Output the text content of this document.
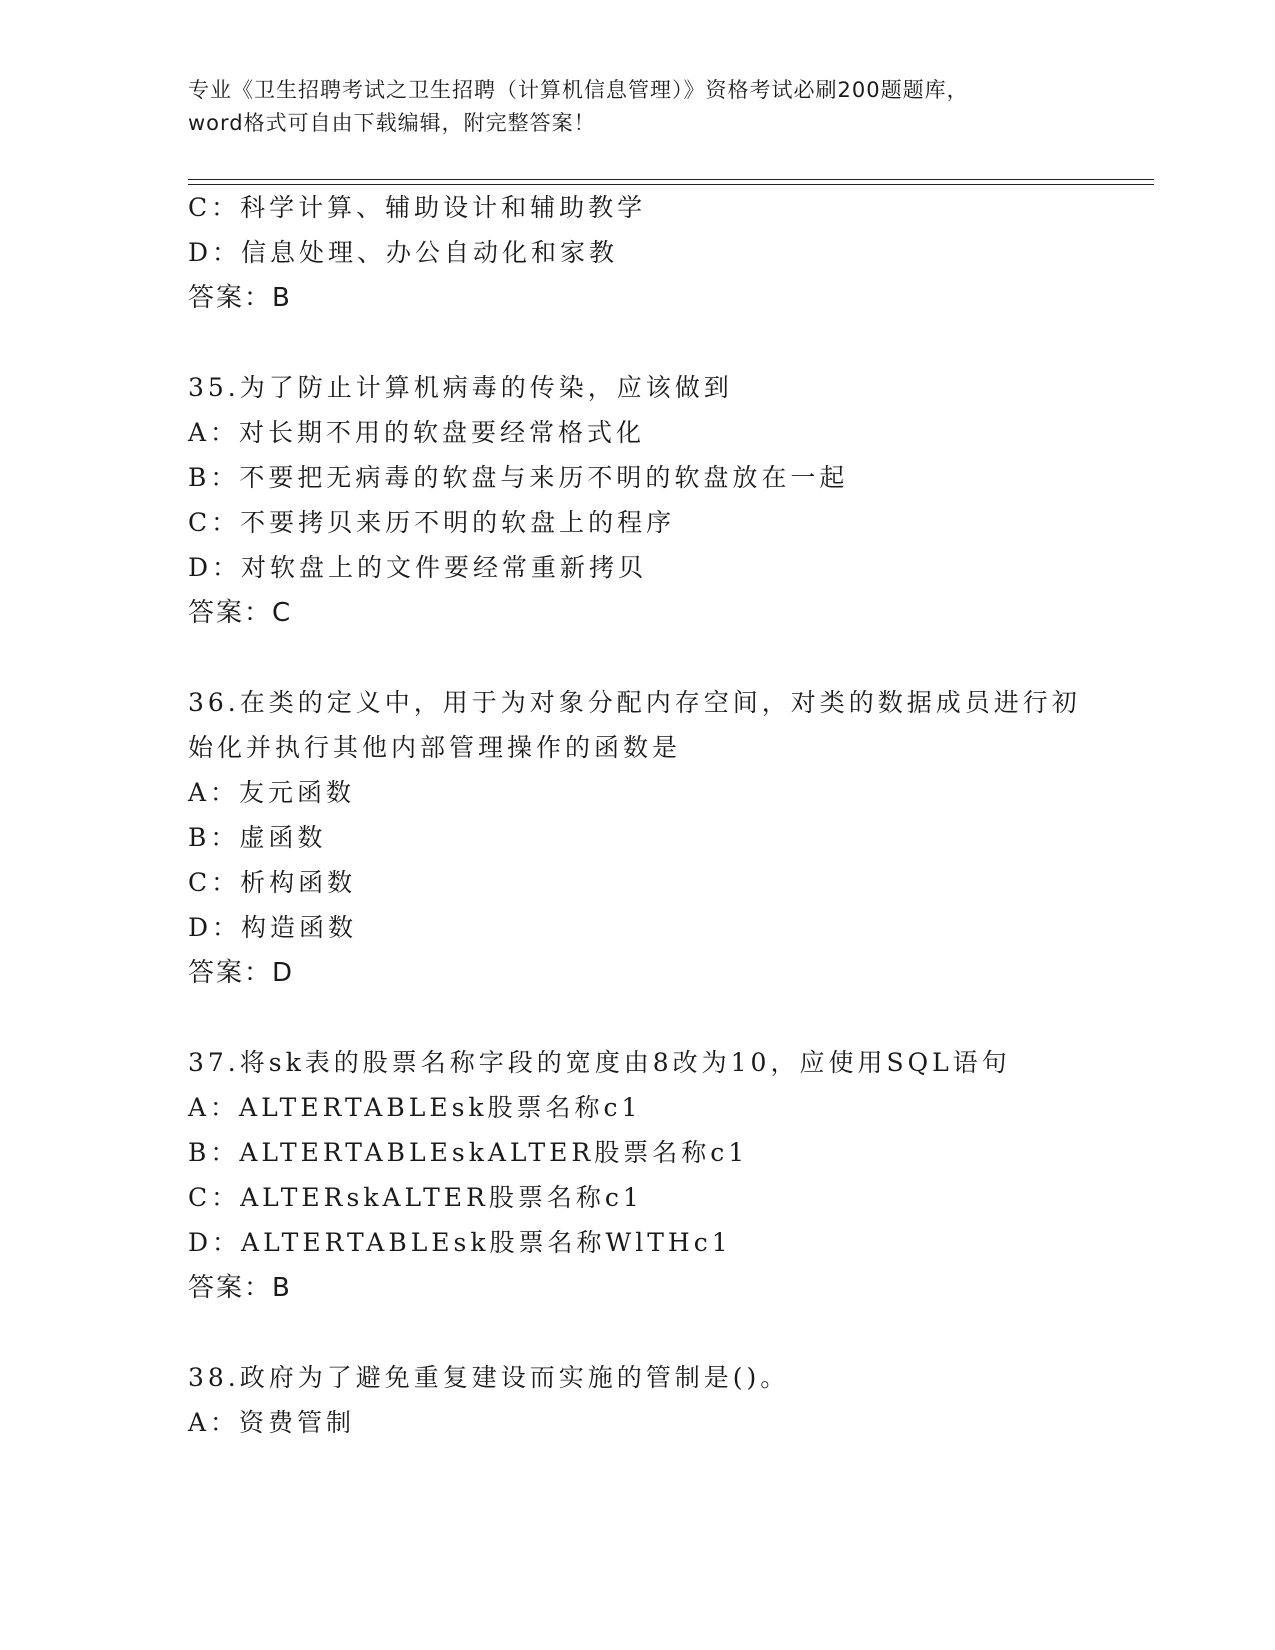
专业《卫生招聘考试之卫生招聘（计算机信息管理）》资格考试必刷200题题库，
word格式可自由下载编辑，附完整答案！
C：科学计算、辅助设计和辅助教学
D：信息处理、办公自动化和家教
答案：B
35.为了防止计算机病毒的传染，应该做到
A：对长期不用的软盘要经常格式化
B：不要把无病毒的软盘与来历不明的软盘放在一起
C：不要拷贝来历不明的软盘上的程序
D：对软盘上的文件要经常重新拷贝
答案：C
36.在类的定义中，用于为对象分配内存空间，对类的数据成员进行初
始化并执行其他内部管理操作的函数是
A：友元函数
B：虚函数
C：析构函数
D：构造函数
答案：D
37.将sk表的股票名称字段的宽度由8改为10，应使用SQL语句
A：ALTERTABLEsk股票名称c1
B：ALTERTABLEskALTER股票名称c1
C：ALTERskALTER股票名称c1
D：ALTERTABLEsk股票名称WlTHc1
答案：B
38.政府为了避免重复建设而实施的管制是()。
A：资费管制
